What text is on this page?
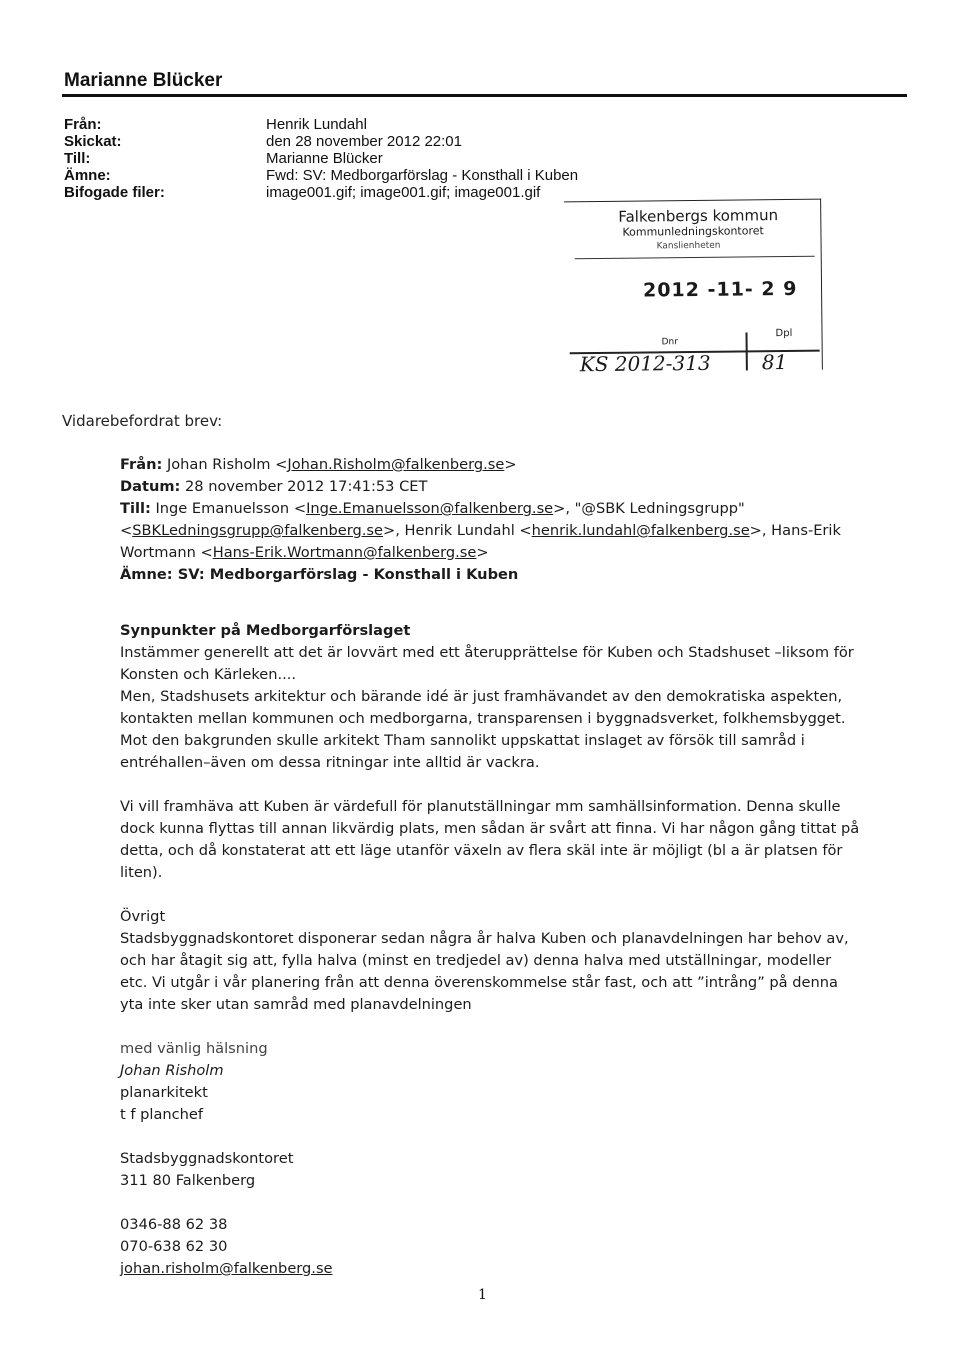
Marianne Blücker
Från:	Henrik Lundahl
Skickat:	den 28 november 2012 22:01
Till:	Marianne Blücker
Ämne:	Fwd: SV: Medborgarförslag - Konsthall i Kuben
Bifogade filer:	image001.gif; image001.gif; image001.gif
Falkenbergs kommun
Kommunledningskontoret
Kanslienheten
2012 -11- 2 9
Dnr
Dpl
KS 2012-313	81
Vidarebefordrat brev:

Från: Johan Risholm <Johan.Risholm@falkenberg.se>

Datum: 28 november 2012 17:41:53 CET

Till: Inge Emanuelsson <Inge.Emanuelsson@falkenberg.se>, "@SBK Ledningsgrupp" <SBKLedningsgrupp@falkenberg.se>, Henrik Lundahl <henrik.lundahl@falkenberg.se>, Hans-Erik Wortmann <Hans-Erik.Wortmann@falkenberg.se>

Ämne: SV: Medborgarförslag - Konsthall i Kuben

Synpunkter på Medborgarförslaget

Instämmer generellt att det är lovvärt med ett återupprättelse för Kuben och Stadshuset –liksom för Konsten och Kärleken....

Men, Stadshusets arkitektur och bärande idé är just framhävandet av den demokratiska aspekten, kontakten mellan kommunen och medborgarna, transparensen i byggnadsverket, folkhemsbygget.

Mot den bakgrunden skulle arkitekt Tham sannolikt uppskattat inslaget av försök till samråd i entréhallen–även om dessa ritningar inte alltid är vackra.

Vi vill framhäva att Kuben är värdefull för planutställningar mm samhällsinformation. Denna skulle dock kunna flyttas till annan likvärdig plats, men sådan är svårt att finna. Vi har någon gång tittat på detta, och då konstaterat att ett läge utanför växeln av flera skäl inte är möjligt (bl a är platsen för liten).

Övrigt

Stadsbyggnadskontoret disponerar sedan några år halva Kuben och planavdelningen har behov av, och har åtagit sig att, fylla halva (minst en tredjedel av) denna halva med utställningar, modeller etc. Vi utgår i vår planering från att denna överenskommelse står fast, och att ”intrång” på denna yta inte sker utan samråd med planavdelningen

med vänlig hälsning

Johan Risholm

planarkitekt

t f planchef

Stadsbyggnadskontoret

311 80 Falkenberg

0346-88 62 38

070-638 62 30

johan.risholm@falkenberg.se

1
